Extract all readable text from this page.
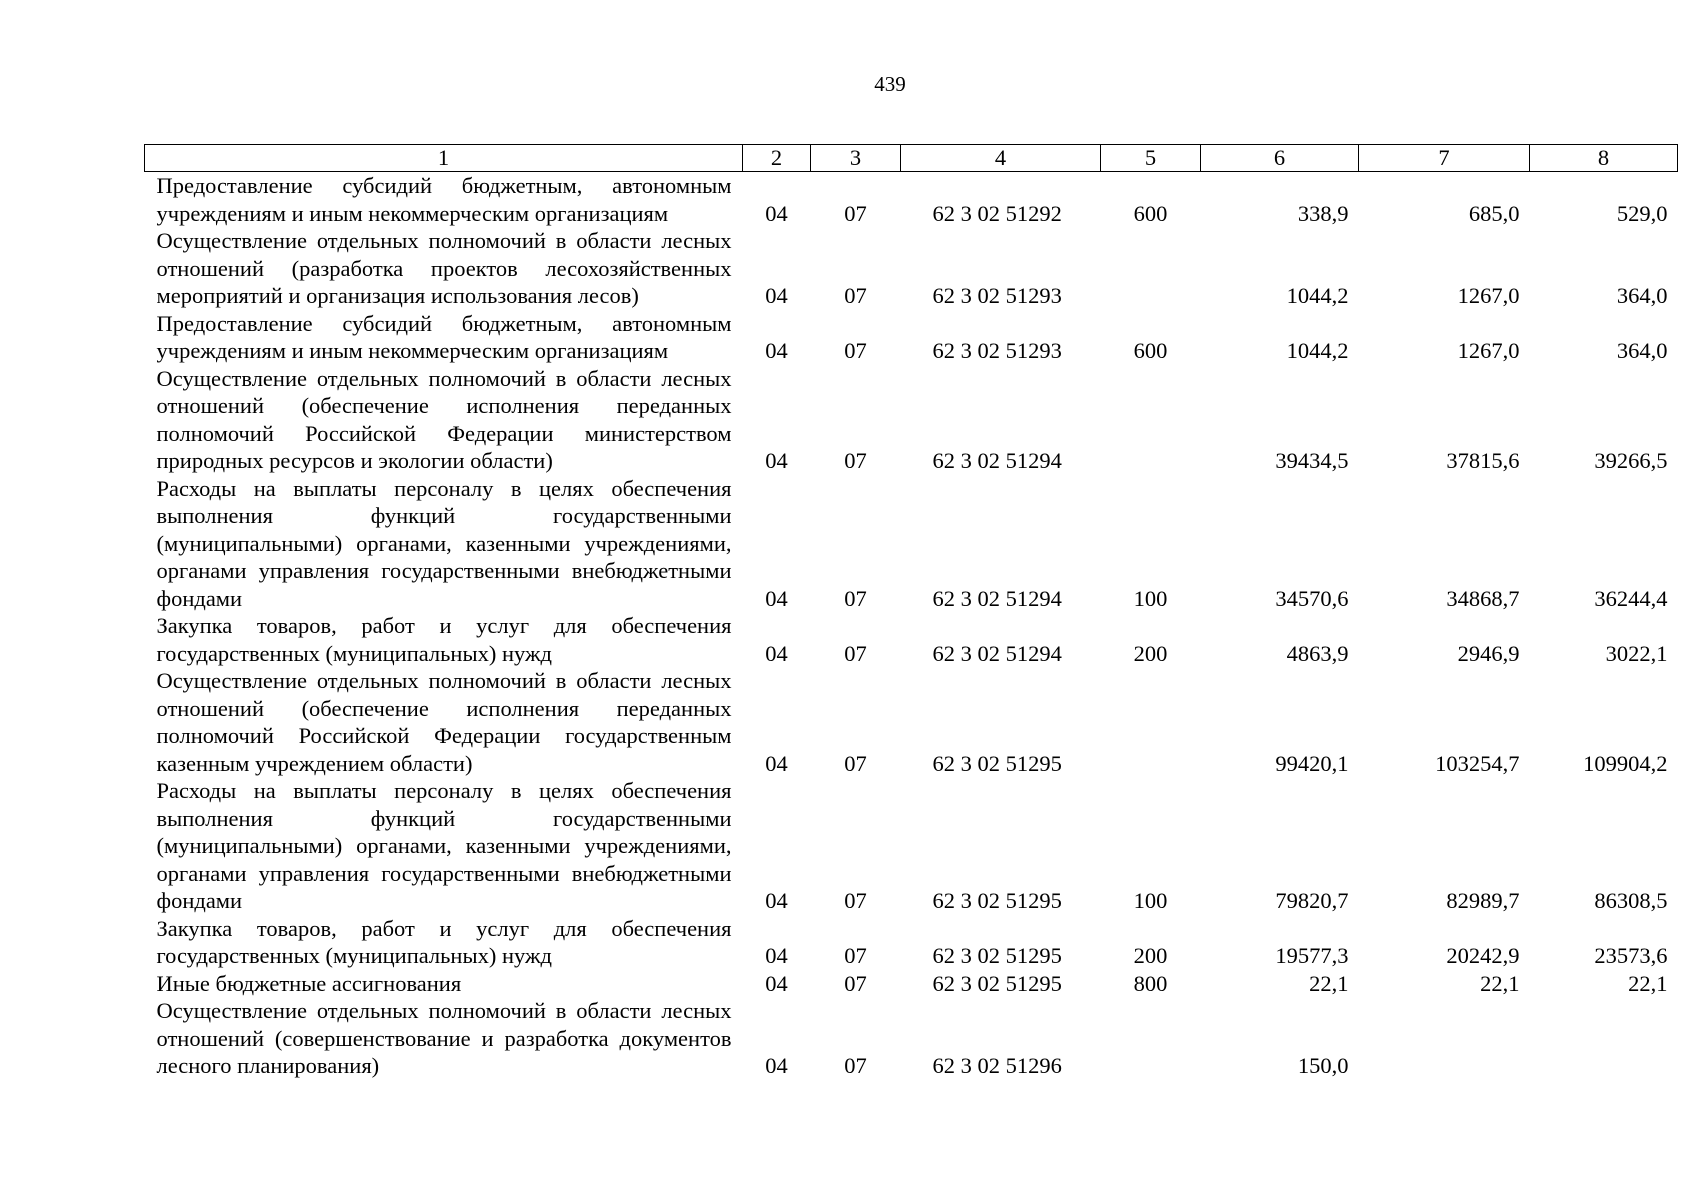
439
1	2	3	4	5	6	7	8
Предоставление субсидий бюджетным, автономным учреждениям и иным некоммерческим организациям	04	07	62 3 02 51292	600	338,9	685,0	529,0
Осуществление отдельных полномочий в области лесных отношений (разработка проектов лесохозяйственных мероприятий и организация использования лесов)	04	07	62 3 02 51293		1044,2	1267,0	364,0
Предоставление субсидий бюджетным, автономным учреждениям и иным некоммерческим организациям	04	07	62 3 02 51293	600	1044,2	1267,0	364,0
Осуществление отдельных полномочий в области лесных отношений (обеспечение исполнения переданных полномочий Российской Федерации министерством природных ресурсов и экологии области)	04	07	62 3 02 51294		39434,5	37815,6	39266,5
Расходы на выплаты персоналу в целях обеспечения выполнения функций государственными (муниципальными) органами, казенными учреждениями, органами управления государственными внебюджетными фондами	04	07	62 3 02 51294	100	34570,6	34868,7	36244,4
Закупка товаров, работ и услуг для обеспечения государственных (муниципальных) нужд	04	07	62 3 02 51294	200	4863,9	2946,9	3022,1
Осуществление отдельных полномочий в области лесных отношений (обеспечение исполнения переданных полномочий Российской Федерации государственным казенным учреждением области)	04	07	62 3 02 51295		99420,1	103254,7	109904,2
Расходы на выплаты персоналу в целях обеспечения выполнения функций государственными (муниципальными) органами, казенными учреждениями, органами управления государственными внебюджетными фондами	04	07	62 3 02 51295	100	79820,7	82989,7	86308,5
Закупка товаров, работ и услуг для обеспечения государственных (муниципальных) нужд	04	07	62 3 02 51295	200	19577,3	20242,9	23573,6
Иные бюджетные ассигнования	04	07	62 3 02 51295	800	22,1	22,1	22,1
Осуществление отдельных полномочий в области лесных отношений (совершенствование и разработка документов лесного планирования)	04	07	62 3 02 51296		150,0		
